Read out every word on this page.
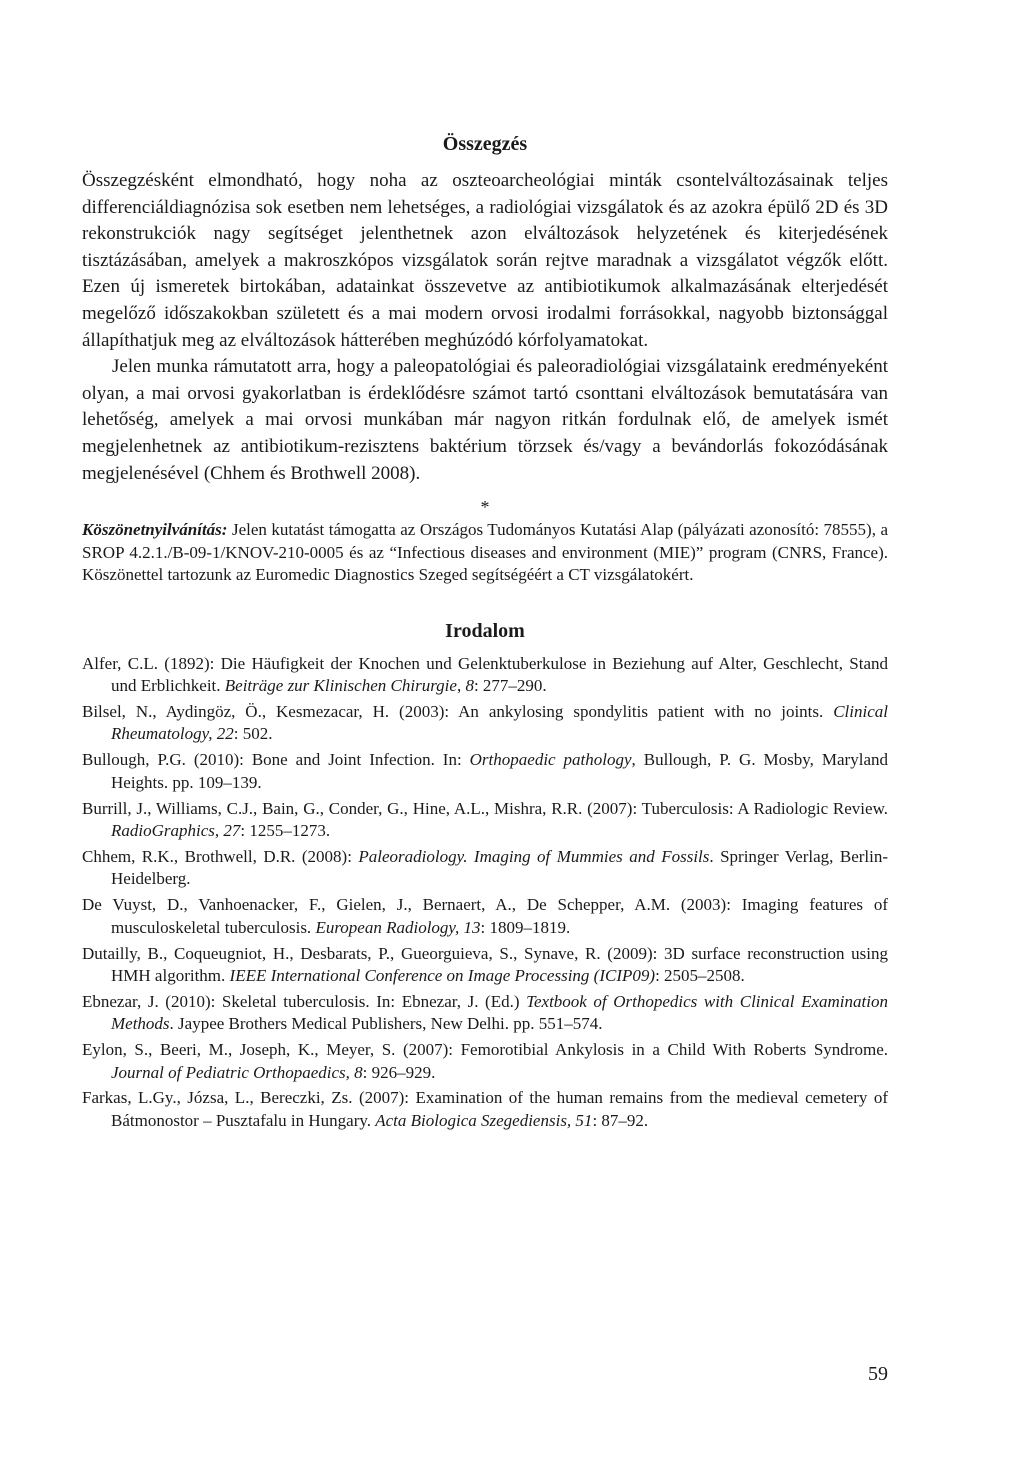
Összegzés

Összegzésként elmondható, hogy noha az oszteoarcheológiai minták csontelváltozásainak teljes differenciáldiagnózisa sok esetben nem lehetséges, a radiológiai vizsgálatok és az azokra épülő 2D és 3D rekonstrukciók nagy segítséget jelenthetnek azon elváltozások helyzetének és kiterjedésének tisztázásában, amelyek a makroszkópos vizsgálatok során rejtve maradnak a vizsgálatot végzők előtt. Ezen új ismeretek birtokában, adatainkat összevetve az antibiotikumok alkalmazásának elterjedését megelőző időszakokban született és a mai modern orvosi irodalmi forrásokkal, nagyobb biztonsággal állapíthatjuk meg az elváltozások hátterében meghúzódó kórfolyamatokat.

Jelen munka rámutatott arra, hogy a paleopatológiai és paleoradiológiai vizsgálataink eredményeként olyan, a mai orvosi gyakorlatban is érdeklődésre számot tartó csonttani elváltozások bemutatására van lehetőség, amelyek a mai orvosi munkában már nagyon ritkán fordulnak elő, de amelyek ismét megjelenhetnek az antibiotikum-rezisztens baktérium törzsek és/vagy a bevándorlás fokozódásának megjelenésével (Chhem és Brothwell 2008).

*

Köszönetnyilvánítás: Jelen kutatást támogatta az Országos Tudományos Kutatási Alap (pályázati azonosító: 78555), a SROP 4.2.1./B-09-1/KNOV-210-0005 és az “Infectious diseases and environment (MIE)” program (CNRS, France). Köszönettel tartozunk az Euromedic Diagnostics Szeged segítségéért a CT vizsgálatokért.

Irodalom
Alfer, C.L. (1892): Die Häufigkeit der Knochen und Gelenktuberkulose in Beziehung auf Alter, Geschlecht, Stand und Erblichkeit. Beiträge zur Klinischen Chirurgie, 8: 277–290.
Bilsel, N., Aydingöz, Ö., Kesmezacar, H. (2003): An ankylosing spondylitis patient with no joints. Clinical Rheumatology, 22: 502.
Bullough, P.G. (2010): Bone and Joint Infection. In: Orthopaedic pathology, Bullough, P. G. Mosby, Maryland Heights. pp. 109–139.
Burrill, J., Williams, C.J., Bain, G., Conder, G., Hine, A.L., Mishra, R.R. (2007): Tuberculosis: A Radiologic Review. RadioGraphics, 27: 1255–1273.
Chhem, R.K., Brothwell, D.R. (2008): Paleoradiology. Imaging of Mummies and Fossils. Springer Verlag, Berlin-Heidelberg.
De Vuyst, D., Vanhoenacker, F., Gielen, J., Bernaert, A., De Schepper, A.M. (2003): Imaging features of musculoskeletal tuberculosis. European Radiology, 13: 1809–1819.
Dutailly, B., Coqueugniot, H., Desbarats, P., Gueorguieva, S., Synave, R. (2009): 3D surface reconstruction using HMH algorithm. IEEE International Conference on Image Processing (ICIP09): 2505–2508.
Ebnezar, J. (2010): Skeletal tuberculosis. In: Ebnezar, J. (Ed.) Textbook of Orthopedics with Clinical Examination Methods. Jaypee Brothers Medical Publishers, New Delhi. pp. 551–574.
Eylon, S., Beeri, M., Joseph, K., Meyer, S. (2007): Femorotibial Ankylosis in a Child With Roberts Syndrome. Journal of Pediatric Orthopaedics, 8: 926–929.
Farkas, L.Gy., Józsa, L., Bereczki, Zs. (2007): Examination of the human remains from the medieval cemetery of Bátmonostor – Pusztafalu in Hungary. Acta Biologica Szegediensis, 51: 87–92.
59
